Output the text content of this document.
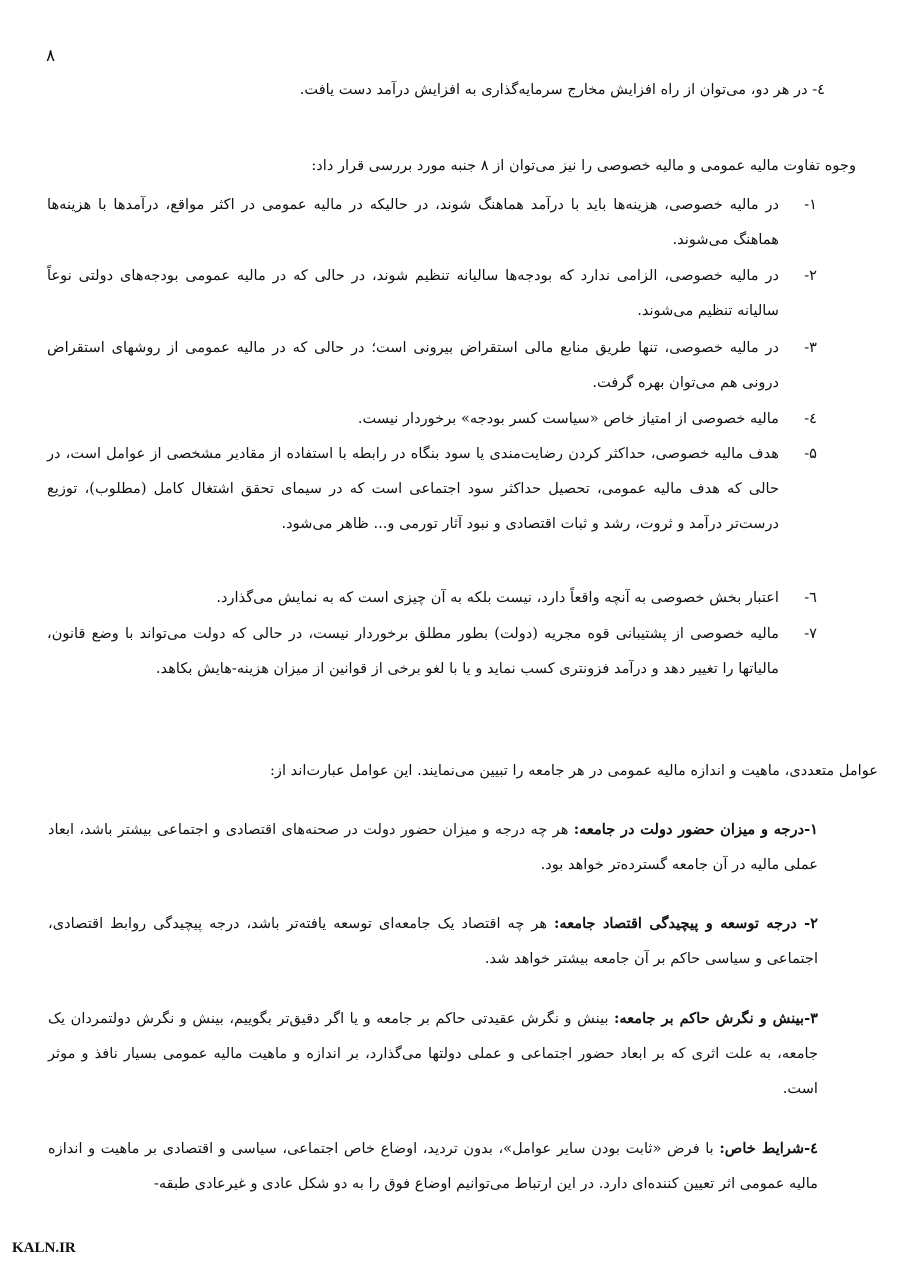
۸
٤- در هر دو، می‌توان از راه افزایش مخارج سرمایه‌گذاری به افزایش درآمد دست یافت.
وجوه تفاوت مالیه عمومی و مالیه خصوصی را نیز می‌توان از ۸ جنبه مورد بررسی قرار داد:
۱-
در مالیه خصوصی، هزینه‌ها باید با درآمد هماهنگ شوند، در حالیکه در مالیه عمومی در اکثر مواقع، درآمدها با هزینه‌ها هماهنگ می‌شوند.
۲-
در مالیه خصوصی، الزامی ندارد که بودجه‌ها سالیانه تنظیم شوند، در حالی که در مالیه عمومی بودجه‌های دولتی نوعاً سالیانه تنظیم می‌شوند.
۳-
در مالیه خصوصی، تنها طریق منابع مالی استقراض بیرونی است؛ در حالی که در مالیه عمومی از روشهای استقراض درونی هم می‌توان بهره گرفت.
٤-
مالیه خصوصی از امتیاز خاص «سیاست کسر بودجه» برخوردار نیست.
۵-
هدف مالیه خصوصی، حداکثر کردن رضایت‌مندی یا سود بنگاه در رابطه با استفاده از مقادیر مشخصی از عوامل است، در حالی که هدف مالیه عمومی، تحصیل حداکثر سود اجتماعی است که در سیمای تحقق اشتغال کامل (مطلوب)، توزیع درست‌تر درآمد و ثروت، رشد و ثبات اقتصادی و نبود آثار تورمی و... ظاهر می‌شود.
٦-
اعتبار بخش خصوصی به آنچه واقعاً دارد، نیست بلکه به آن چیزی است که به نمایش می‌گذارد.
۷-
مالیه خصوصی از پشتیبانی قوه مجریه (دولت) بطور مطلق برخوردار نیست، در حالی که دولت می‌تواند با وضع قانون، مالیاتها را تغییر دهد و درآمد فزونتری کسب نماید و یا با لغو برخی از قوانین از میزان هزینه-هایش بکاهد.
عوامل متعددی، ماهیت و اندازه مالیه عمومی در هر جامعه را تبیین می‌نمایند. این عوامل عبارت‌اند از:
۱-درجه و میزان حضور دولت در جامعه: هر چه درجه و میزان حضور دولت در صحنه‌های اقتصادی و اجتماعی بیشتر باشد، ابعاد عملی مالیه در آن جامعه گسترده‌تر خواهد بود.
۲- درجه توسعه و پیچیدگی اقتصاد جامعه: هر چه اقتصاد یک جامعه‌ای توسعه یافته‌تر باشد، درجه پیچیدگی روابط اقتصادی، اجتماعی و سیاسی حاکم بر آن جامعه بیشتر خواهد شد.
۳-بینش و نگرش حاکم بر جامعه: بینش و نگرش عقیدتی حاکم بر جامعه و یا اگر دقیق‌تر بگوییم، بینش و نگرش دولتمردان یک جامعه، به علت اثری که بر ابعاد حضور اجتماعی و عملی دولتها می‌گذارد، بر اندازه و ماهیت مالیه عمومی بسیار نافذ و موثر است.
٤-شرایط خاص: با فرض «ثابت بودن سایر عوامل»، بدون تردید، اوضاع خاص اجتماعی، سیاسی و اقتصادی بر ماهیت و اندازه مالیه عمومی اثر تعیین کننده‌ای دارد. در این ارتباط می‌توانیم اوضاع فوق را به دو شکل عادی و غیرعادی طبقه-
KALN.IR
